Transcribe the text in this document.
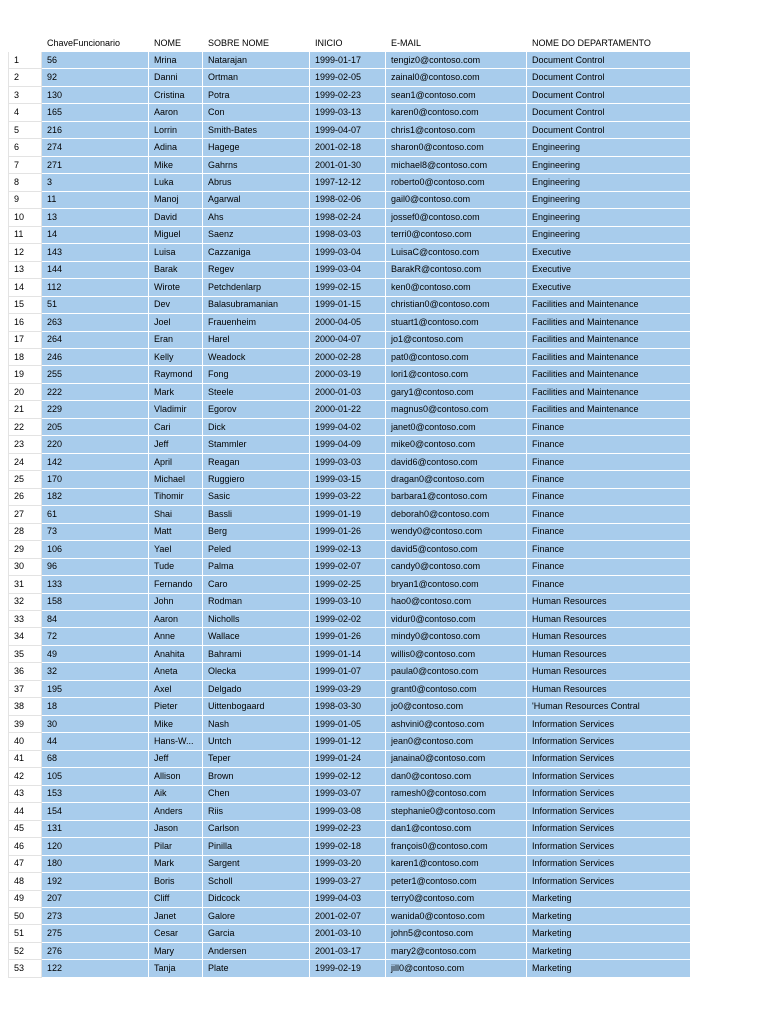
	ChaveFuncionario	NOME	SOBRE NOME	INICIO	E-MAIL	NOME DO DEPARTAMENTO
1	56	Mrina	Natarajan	1999-01-17	tengiz0@contoso.com	Document Control
2	92	Danni	Ortman	1999-02-05	zainal0@contoso.com	Document Control
3	130	Cristina	Potra	1999-02-23	sean1@contoso.com	Document Control
4	165	Aaron	Con	1999-03-13	karen0@contoso.com	Document Control
5	216	Lorrin	Smith-Bates	1999-04-07	chris1@contoso.com	Document Control
6	274	Adina	Hagege	2001-02-18	sharon0@contoso.com	Engineering
7	271	Mike	Gahrns	2001-01-30	michael8@contoso.com	Engineering
8	3	Luka	Abrus	1997-12-12	roberto0@contoso.com	Engineering
9	11	Manoj	Agarwal	1998-02-06	gail0@contoso.com	Engineering
10	13	David	Ahs	1998-02-24	jossef0@contoso.com	Engineering
11	14	Miguel	Saenz	1998-03-03	terri0@contoso.com	Engineering
12	143	Luisa	Cazzaniga	1999-03-04	LuisaC@contoso.com	Executive
13	144	Barak	Regev	1999-03-04	BarakR@contoso.com	Executive
14	112	Wirote	Petchdenlarp	1999-02-15	ken0@contoso.com	Executive
15	51	Dev	Balasubramanian	1999-01-15	christian0@contoso.com	Facilities and Maintenance
16	263	Joel	Frauenheim	2000-04-05	stuart1@contoso.com	Facilities and Maintenance
17	264	Eran	Harel	2000-04-07	jo1@contoso.com	Facilities and Maintenance
18	246	Kelly	Weadock	2000-02-28	pat0@contoso.com	Facilities and Maintenance
19	255	Raymond	Fong	2000-03-19	lori1@contoso.com	Facilities and Maintenance
20	222	Mark	Steele	2000-01-03	gary1@contoso.com	Facilities and Maintenance
21	229	Vladimir	Egorov	2000-01-22	magnus0@contoso.com	Facilities and Maintenance
22	205	Cari	Dick	1999-04-02	janet0@contoso.com	Finance
23	220	Jeff	Stammler	1999-04-09	mike0@contoso.com	Finance
24	142	April	Reagan	1999-03-03	david6@contoso.com	Finance
25	170	Michael	Ruggiero	1999-03-15	dragan0@contoso.com	Finance
26	182	Tihomir	Sasic	1999-03-22	barbara1@contoso.com	Finance
27	61	Shai	Bassli	1999-01-19	deborah0@contoso.com	Finance
28	73	Matt	Berg	1999-01-26	wendy0@contoso.com	Finance
29	106	Yael	Peled	1999-02-13	david5@contoso.com	Finance
30	96	Tude	Palma	1999-02-07	candy0@contoso.com	Finance
31	133	Fernando	Caro	1999-02-25	bryan1@contoso.com	Finance
32	158	John	Rodman	1999-03-10	hao0@contoso.com	Human Resources
33	84	Aaron	Nicholls	1999-02-02	vidur0@contoso.com	Human Resources
34	72	Anne	Wallace	1999-01-26	mindy0@contoso.com	Human Resources
35	49	Anahita	Bahrami	1999-01-14	willis0@contoso.com	Human Resources
36	32	Aneta	Olecka	1999-01-07	paula0@contoso.com	Human Resources
37	195	Axel	Delgado	1999-03-29	grant0@contoso.com	Human Resources
38	18	Pieter	Uittenbogaard	1998-03-30	jo0@contoso.com	'Human Resources Contral
39	30	Mike	Nash	1999-01-05	ashvini0@contoso.com	Information Services
40	44	Hans-W...	Untch	1999-01-12	jean0@contoso.com	Information Services
41	68	Jeff	Teper	1999-01-24	janaina0@contoso.com	Information Services
42	105	Allison	Brown	1999-02-12	dan0@contoso.com	Information Services
43	153	Aik	Chen	1999-03-07	ramesh0@contoso.com	Information Services
44	154	Anders	Riis	1999-03-08	stephanie0@contoso.com	Information Services
45	131	Jason	Carlson	1999-02-23	dan1@contoso.com	Information Services
46	120	Pilar	Pinilla	1999-02-18	françois0@contoso.com	Information Services
47	180	Mark	Sargent	1999-03-20	karen1@contoso.com	Information Services
48	192	Boris	Scholl	1999-03-27	peter1@contoso.com	Information Services
49	207	Cliff	Didcock	1999-04-03	terry0@contoso.com	Marketing
50	273	Janet	Galore	2001-02-07	wanida0@contoso.com	Marketing
51	275	Cesar	Garcia	2001-03-10	john5@contoso.com	Marketing
52	276	Mary	Andersen	2001-03-17	mary2@contoso.com	Marketing
53	122	Tanja	Plate	1999-02-19	jill0@contoso.com	Marketing
